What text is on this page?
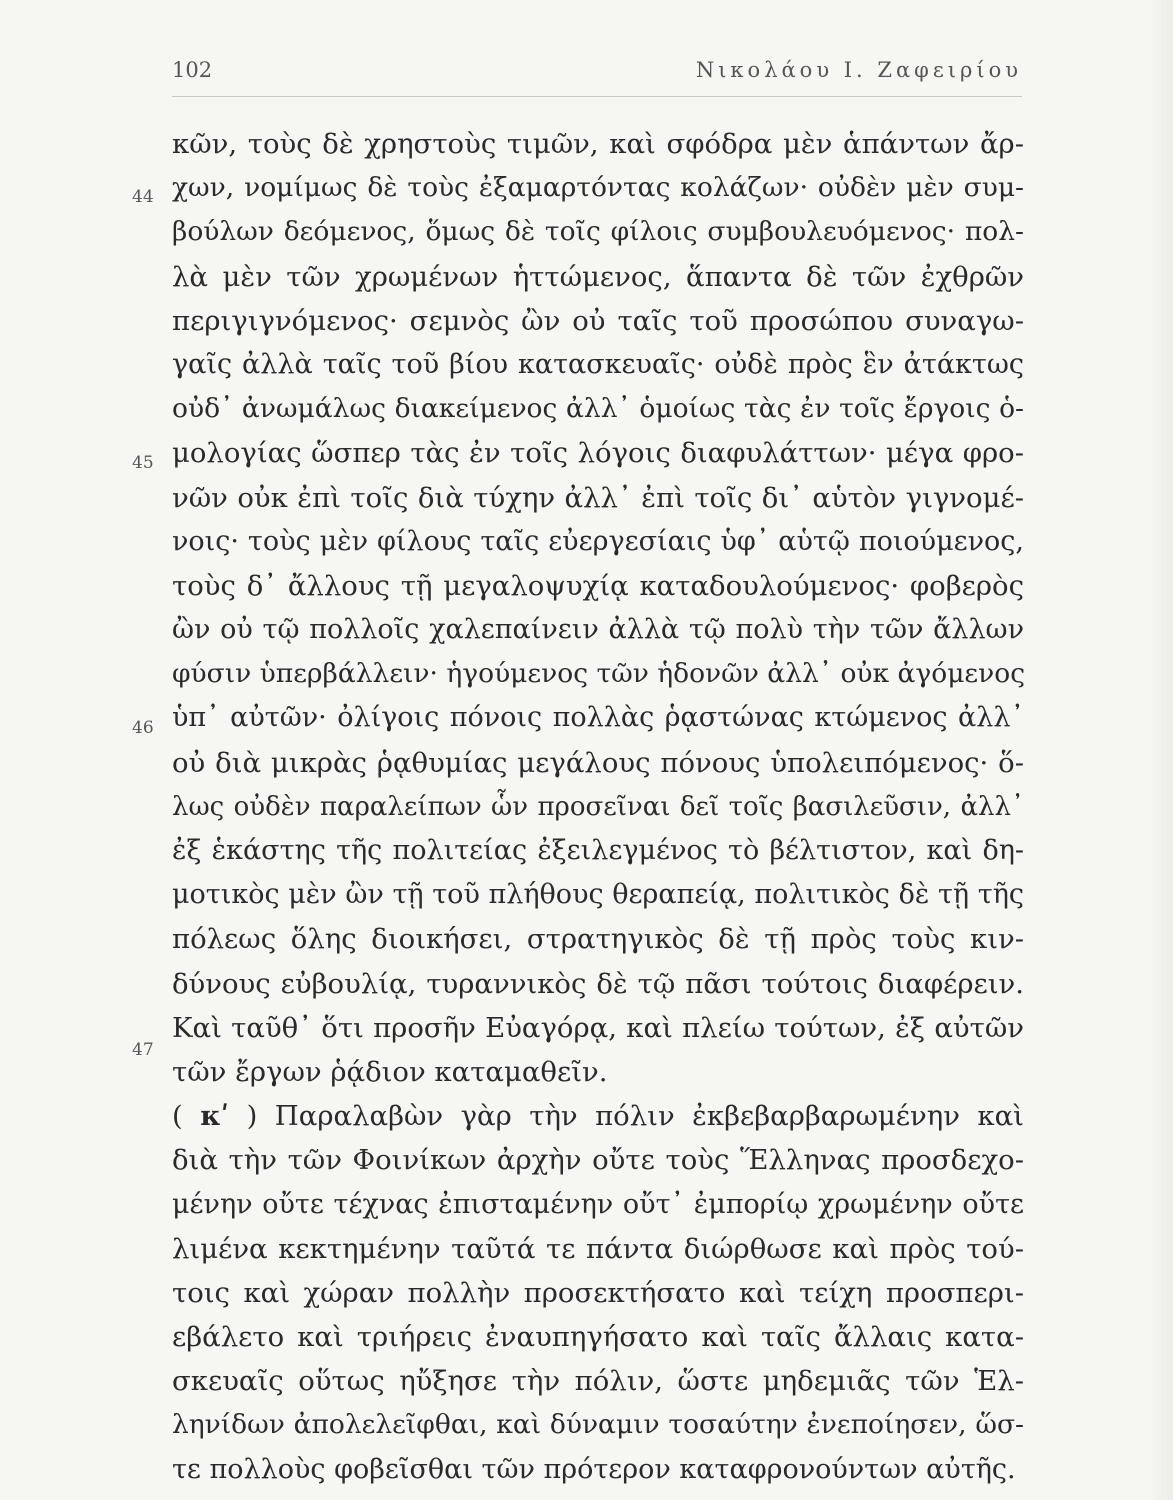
102	Νικολάου Ι. Ζαφειρίου
44
45
46
47
κῶν, τοὺς δὲ χρηστοὺς τιμῶν, καὶ σφόδρα μὲν ἁπάντων ἄρ-
χων, νομίμως δὲ τοὺς ἐξαμαρτόντας κολάζων· οὐδὲν μὲν συμ-
βούλων δεόμενος, ὅμως δὲ τοῖς φίλοις συμβουλευόμενος· πολ-
λὰ μὲν τῶν χρωμένων ἡττώμενος, ἅπαντα δὲ τῶν ἐχθρῶν
περιγιγνόμενος· σεμνὸς ὢν οὐ ταῖς τοῦ προσώπου συναγω-
γαῖς ἀλλὰ ταῖς τοῦ βίου κατασκευαῖς· οὐδὲ πρὸς ἓν ἀτάκτως
οὐδ᾽ ἀνωμάλως διακείμενος ἀλλ᾽ ὁμοίως τὰς ἐν τοῖς ἔργοις ὁ-
μολογίας ὥσπερ τὰς ἐν τοῖς λόγοις διαφυλάττων· μέγα φρο-
νῶν οὐκ ἐπὶ τοῖς διὰ τύχην ἀλλ᾽ ἐπὶ τοῖς δι᾽ αὑτὸν γιγνομέ-
νοις· τοὺς μὲν φίλους ταῖς εὐεργεσίαις ὑφ᾽ αὑτῷ ποιούμενος,
τοὺς δ᾽ ἄλλους τῇ μεγαλοψυχίᾳ καταδουλούμενος· φοβερὸς
ὢν οὐ τῷ πολλοῖς χαλεπαίνειν ἀλλὰ τῷ πολὺ τὴν τῶν ἄλλων
φύσιν ὑπερβάλλειν· ἡγούμενος τῶν ἡδονῶν ἀλλ᾽ οὐκ ἀγόμενος
ὑπ᾽ αὐτῶν· ὀλίγοις πόνοις πολλὰς ῥᾳστώνας κτώμενος ἀλλ᾽
οὐ διὰ μικρὰς ῥᾳθυμίας μεγάλους πόνους ὑπολειπόμενος· ὅ-
λως οὐδὲν παραλείπων ὧν προσεῖναι δεῖ τοῖς βασιλεῦσιν, ἀλλ᾽
ἐξ ἑκάστης τῆς πολιτείας ἐξειλεγμένος τὸ βέλτιστον, καὶ δη-
μοτικὸς μὲν ὢν τῇ τοῦ πλήθους θεραπείᾳ, πολιτικὸς δὲ τῇ τῆς
πόλεως ὅλης διοικήσει, στρατηγικὸς δὲ τῇ πρὸς τοὺς κιν-
δύνους εὐβουλίᾳ, τυραννικὸς δὲ τῷ πᾶσι τούτοις διαφέρειν.
Καὶ ταῦθ᾽ ὅτι προσῆν Εὐαγόρᾳ, καὶ πλείω τούτων, ἐξ αὐτῶν
τῶν ἔργων ῥᾴδιον καταμαθεῖν.
( κʹ ) Παραλαβὼν γὰρ τὴν πόλιν ἐκβεβαρβαρωμένην καὶ
διὰ τὴν τῶν Φοινίκων ἀρχὴν οὔτε τοὺς Ἕλληνας προσδεχο-
μένην οὔτε τέχνας ἐπισταμένην οὔτ᾽ ἐμπορίῳ χρωμένην οὔτε
λιμένα κεκτημένην ταῦτά τε πάντα διώρθωσε καὶ πρὸς τού-
τοις καὶ χώραν πολλὴν προσεκτήσατο καὶ τείχη προσπερι-
εβάλετο καὶ τριήρεις ἐναυπηγήσατο καὶ ταῖς ἄλλαις κατα-
σκευαῖς οὕτως ηὔξησε τὴν πόλιν, ὥστε μηδεμιᾶς τῶν Ἑλ-
ληνίδων ἀπολελεῖφθαι, καὶ δύναμιν τοσαύτην ἐνεποίησεν, ὥσ-
τε πολλοὺς φοβεῖσθαι τῶν πρότερον καταφρονούντων αὐτῆς.
